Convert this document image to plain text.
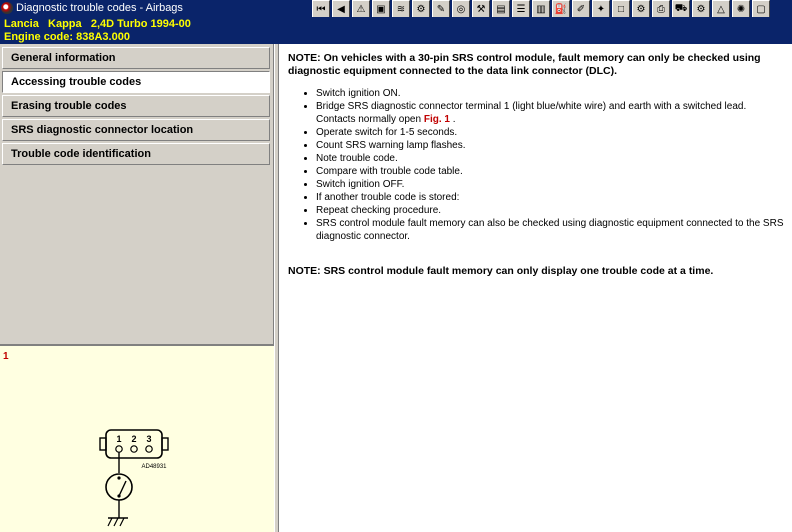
Diagnostic trouble codes - Airbags	⏮ ◀ ⚠ ▣ ≋ ⚙ ✎ ◎ ⚒ ▤ ☰ ▥ ⛽ ✐ ✦ □ ⚙ ⎙ ⛟ ⚙ △ ✺ ▢
Lancia Kappa 2,4D Turbo 1994-00
Engine code: 838A3.000
General information
Accessing trouble codes
Erasing trouble codes
SRS diagnostic connector location
Trouble code identification
1
1 2 3
AD48931

NOTE: On vehicles with a 30-pin SRS control module, fault memory can only be checked using diagnostic equipment connected to the data link connector (DLC).

• Switch ignition ON.
• Bridge SRS diagnostic connector terminal 1 (light blue/white wire) and earth with a switched lead. Contacts normally open Fig. 1 .
• Operate switch for 1-5 seconds.
• Count SRS warning lamp flashes.
• Note trouble code.
• Compare with trouble code table.
• Switch ignition OFF.
• If another trouble code is stored:
• Repeat checking procedure.
• SRS control module fault memory can also be checked using diagnostic equipment connected to the SRS diagnostic connector.

NOTE: SRS control module fault memory can only display one trouble code at a time.
